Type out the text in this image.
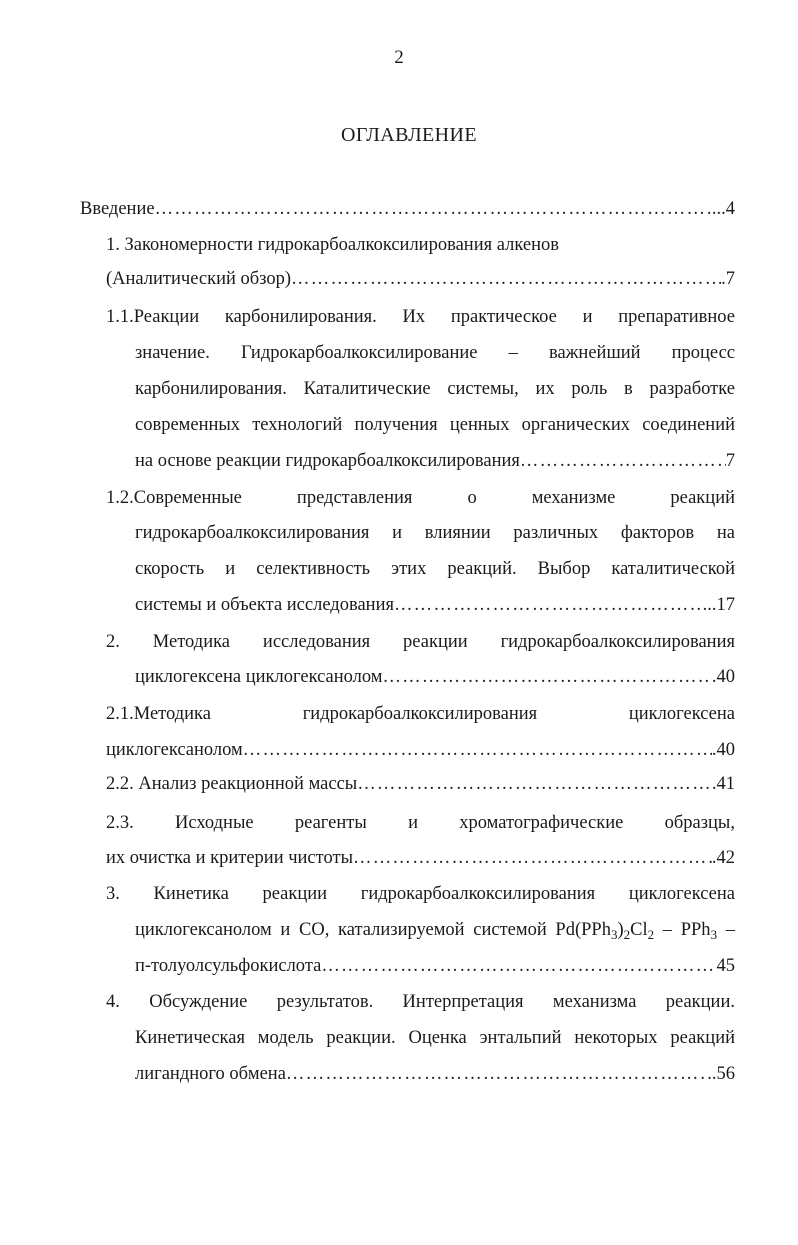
2
ОГЛАВЛЕНИЕ
Введение ……………………………………………………………………………………………………………………………………………	...4
1. Закономерности гидрокарбоалкоксилирования алкенов
(Аналитический обзор) ……………………………………………………………………………………………………………………………………………	.7
1.1.Реакции карбонилирования. Их практическое и препаративное
значение. Гидрокарбоалкоксилирование – важнейший процесс
карбонилирования. Каталитические системы, их роль в разработке
современных технологий получения ценных органических соединений
на основе реакции гидрокарбоалкоксилирования ……………………………………………………………………………………………………………………………………………	7
1.2.Современные представления о механизме реакций
гидрокарбоалкоксилирования и влиянии различных факторов на
скорость и селективность этих реакций. Выбор каталитической
системы и объекта исследования ……………………………………………………………………………………………………………………………………………	..17
2. Методика исследования реакции гидрокарбоалкоксилирования
циклогексена циклогексанолом ……………………………………………………………………………………………………………………………………………	.40
2.1.Методика гидрокарбоалкоксилирования циклогексена
циклогексанолом ……………………………………………………………………………………………………………………………………………	.40
2.2. Анализ реакционной массы ……………………………………………………………………………………………………………………………………………	.41
2.3. Исходные реагенты и хроматографические образцы,
их очистка и критерии чистоты ……………………………………………………………………………………………………………………………………………	.42
3. Кинетика реакции гидрокарбоалкоксилирования циклогексена
циклогексанолом и СО, катализируемой системой $Pd(PPh_3)_2Cl_2 - PPh_3$ –
п-толуолсульфокислота ……………………………………………………………………………………………………………………………………………	45
4. Обсуждение результатов. Интерпретация механизма реакции.
Кинетическая модель реакции. Оценка энтальпий некоторых реакций
лигандного обмена ……………………………………………………………………………………………………………………………………………	..56
